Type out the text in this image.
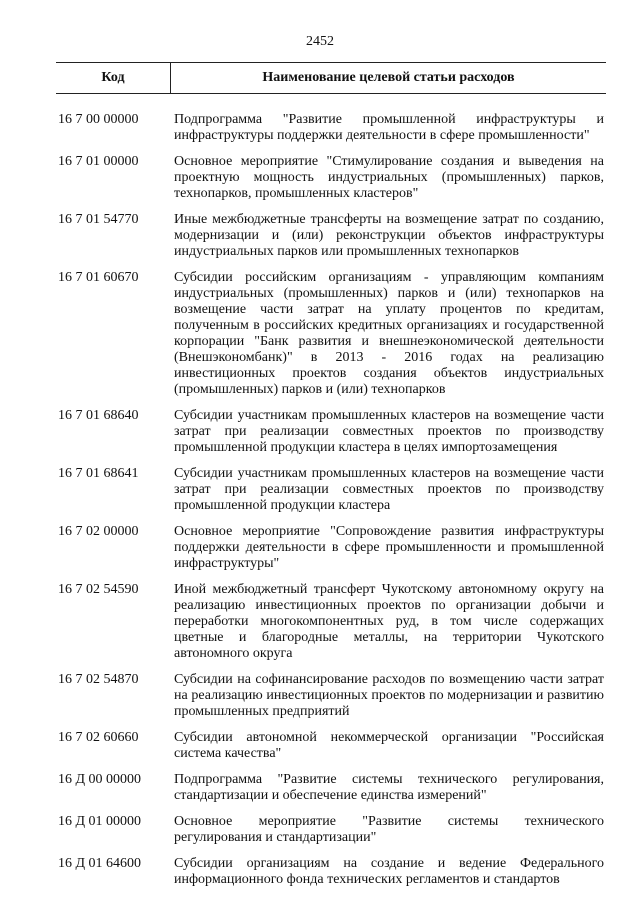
2452
Код	Наименование целевой статьи расходов
16 7 00 00000	Подпрограмма "Развитие промышленной инфраструктуры и инфраструктуры поддержки деятельности в сфере промышленности"
16 7 01 00000	Основное мероприятие "Стимулирование создания и выведения на проектную мощность индустриальных (промышленных) парков, технопарков, промышленных кластеров"
16 7 01 54770	Иные межбюджетные трансферты на возмещение затрат по созданию, модернизации и (или) реконструкции объектов инфраструктуры индустриальных парков или промышленных технопарков
16 7 01 60670	Субсидии российским организациям - управляющим компаниям индустриальных (промышленных) парков и (или) технопарков на возмещение части затрат на уплату процентов по кредитам, полученным в российских кредитных организациях и государственной корпорации "Банк развития и внешнеэкономической деятельности (Внешэкономбанк)" в 2013 - 2016 годах на реализацию инвестиционных проектов создания объектов индустриальных (промышленных) парков и (или) технопарков
16 7 01 68640	Субсидии участникам промышленных кластеров на возмещение части затрат при реализации совместных проектов по производству промышленной продукции кластера в целях импортозамещения
16 7 01 68641	Субсидии участникам промышленных кластеров на возмещение части затрат при реализации совместных проектов по производству промышленной продукции кластера
16 7 02 00000	Основное мероприятие "Сопровождение развития инфраструктуры поддержки деятельности в сфере промышленности и промышленной инфраструктуры"
16 7 02 54590	Иной межбюджетный трансферт Чукотскому автономному округу на реализацию инвестиционных проектов по организации добычи и переработки многокомпонентных руд, в том числе содержащих цветные и благородные металлы, на территории Чукотского автономного округа
16 7 02 54870	Субсидии на софинансирование расходов по возмещению части затрат на реализацию инвестиционных проектов по модернизации и развитию промышленных предприятий
16 7 02 60660	Субсидии автономной некоммерческой организации "Российская система качества"
16 Д 00 00000	Подпрограмма "Развитие системы технического регулирования, стандартизации и обеспечение единства измерений"
16 Д 01 00000	Основное мероприятие "Развитие системы технического регулирования и стандартизации"
16 Д 01 64600	Субсидии организациям на создание и ведение Федерального информационного фонда технических регламентов и стандартов
